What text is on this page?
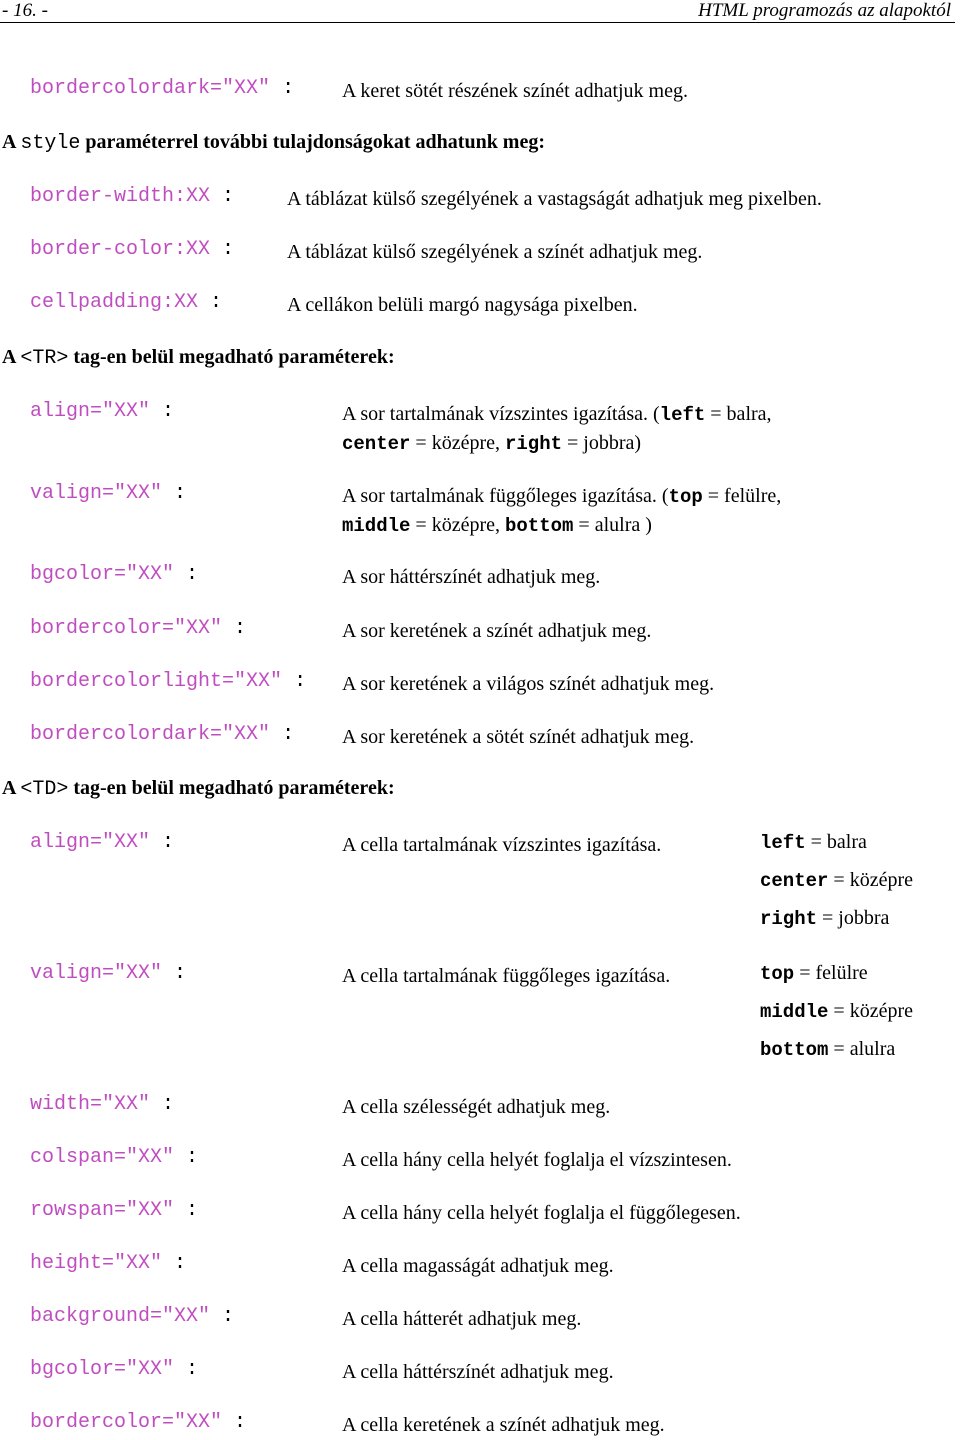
- 16. -	HTML programozás az alapoktól
bordercolordark="XX" : A keret sötét részének színét adhatjuk meg.
A style paraméterrel további tulajdonságokat adhatunk meg:
border-width:XX :	A táblázat külső szegélyének a vastagságát adhatjuk meg pixelben.
border-color:XX :	A táblázat külső szegélyének a színét adhatjuk meg.
cellpadding:XX :	A cellákon belüli margó nagysága pixelben.
A <TR> tag-en belül megadható paraméterek:
align="XX" :	A sor tartalmának vízszintes igazítása. (left = balra,
center = középre, right = jobbra)
valign="XX" :	A sor tartalmának függőleges igazítása. (top = felülre,
middle = középre, bottom = alulra )
bgcolor="XX" :	A sor háttérszínét adhatjuk meg.
bordercolor="XX" :	A sor keretének a színét adhatjuk meg.
bordercolorlight="XX" : A sor keretének a világos színét adhatjuk meg.
bordercolordark="XX" : A sor keretének a sötét színét adhatjuk meg.
A <TD> tag-en belül megadható paraméterek:
align="XX" :	A cella tartalmának vízszintes igazítása.	left = balra
center = középre
right = jobbra
valign="XX" :	A cella tartalmának függőleges igazítása.	top = felülre
middle = középre
bottom = alulra
width="XX" :	A cella szélességét adhatjuk meg.
colspan="XX" :	A cella hány cella helyét foglalja el vízszintesen.
rowspan="XX" :	A cella hány cella helyét foglalja el függőlegesen.
height="XX" :	A cella magasságát adhatjuk meg.
background="XX" :	A cella hátterét adhatjuk meg.
bgcolor="XX" :	A cella háttérszínét adhatjuk meg.
bordercolor="XX" :	A cella keretének a színét adhatjuk meg.
